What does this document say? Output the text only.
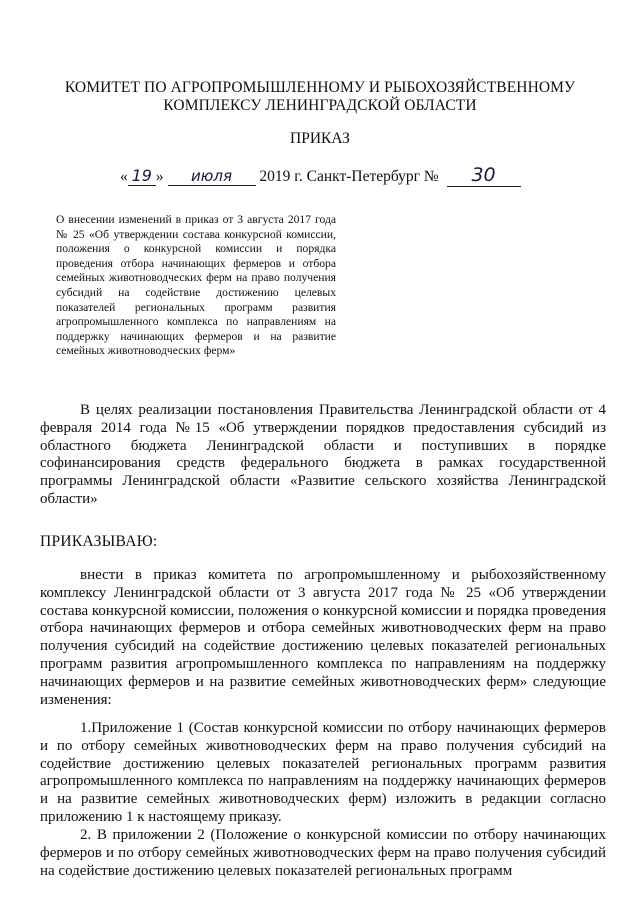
КОМИТЕТ ПО АГРОПРОМЫШЛЕННОМУ И РЫБОХОЗЯЙСТВЕННОМУ
КОМПЛЕКСУ ЛЕНИНГРАДСКОЙ ОБЛАСТИ
ПРИКАЗ
« 19 » июля 2019 г. Санкт-Петербург № 30
О внесении изменений в приказ от 3 августа 2017 года № 25 «Об утверждении состава конкурсной комиссии, положения о конкурсной комиссии и порядка проведения отбора начинающих фермеров и отбора семейных животноводческих ферм на право получения субсидий на содействие достижению целевых показателей региональных программ развития агропромышленного комплекса по направлениям на поддержку начинающих фермеров и на развитие семейных животноводческих ферм»
В целях реализации постановления Правительства Ленинградской области от 4 февраля 2014 года №15 «Об утверждении порядков предоставления субсидий из областного бюджета Ленинградской области и поступивших в порядке софинансирования средств федерального бюджета в рамках государственной программы Ленинградской области «Развитие сельского хозяйства Ленинградской области»
ПРИКАЗЫВАЮ:
внести в приказ комитета по агропромышленному и рыбохозяйственному комплексу Ленинградской области от 3 августа 2017 года № 25 «Об утверждении состава конкурсной комиссии, положения о конкурсной комиссии и порядка проведения отбора начинающих фермеров и отбора семейных животноводческих ферм на право получения субсидий на содействие достижению целевых показателей региональных программ развития агропромышленного комплекса по направлениям на поддержку начинающих фермеров и на развитие семейных животноводческих ферм» следующие изменения:
1.Приложение 1 (Состав конкурсной комиссии по отбору начинающих фермеров и по отбору семейных животноводческих ферм на право получения субсидий на содействие достижению целевых показателей региональных программ развития агропромышленного комплекса по направлениям на поддержку начинающих фермеров и на развитие семейных животноводческих ферм) изложить в редакции согласно приложению 1 к настоящему приказу.
2. В приложении 2 (Положение о конкурсной комиссии по отбору начинающих фермеров и по отбору семейных животноводческих ферм на право получения субсидий на содействие достижению целевых показателей региональных программ
